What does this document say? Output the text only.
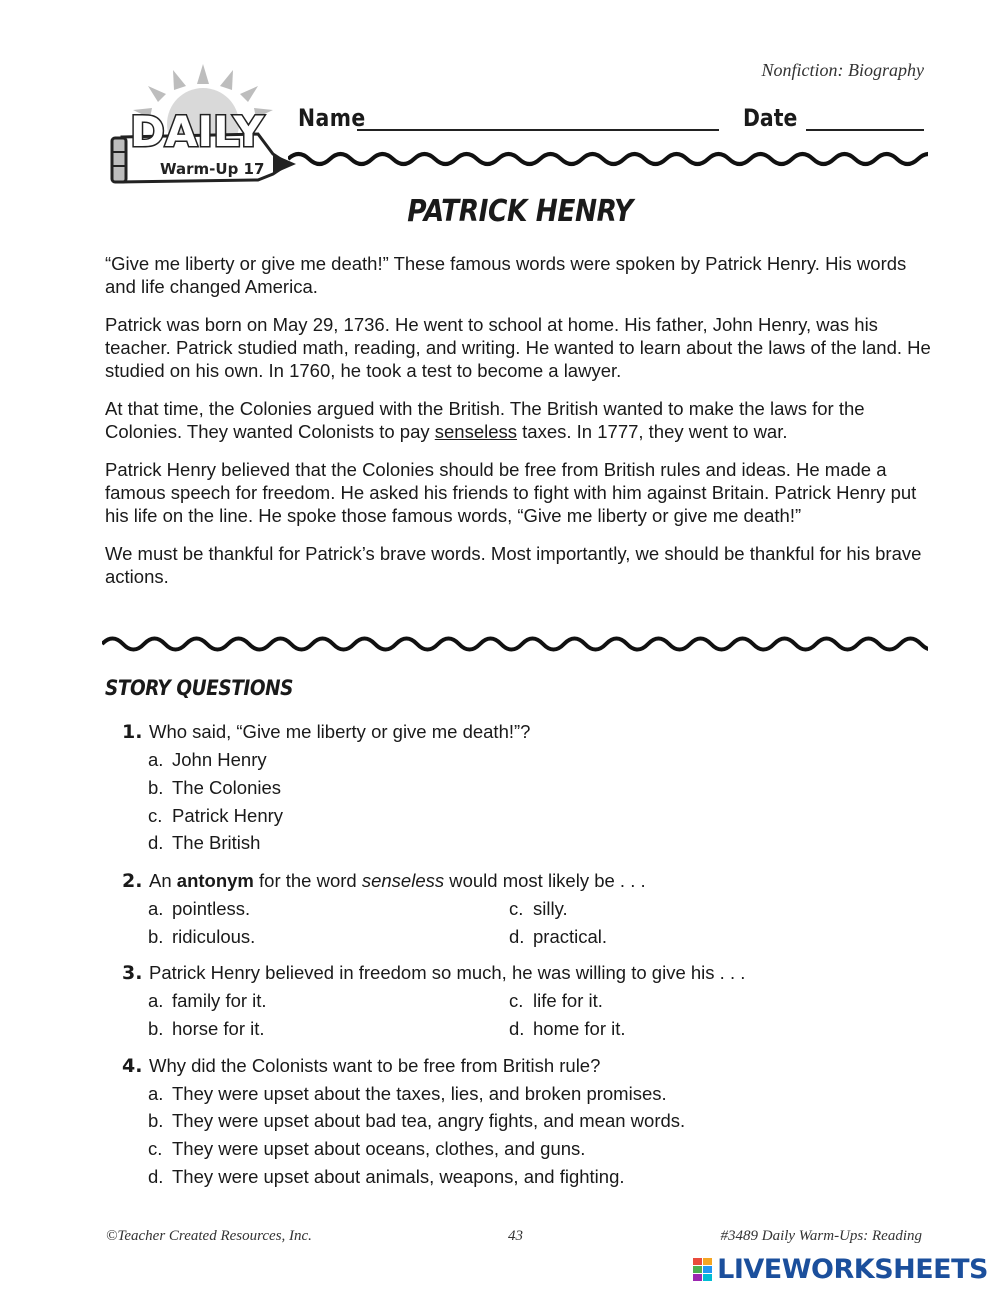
Nonfiction: Biography
DAILY
Warm-Up 17
Name	Date
PATRICK HENRY

“Give me liberty or give me death!” These famous words were spoken by Patrick Henry. His words and life changed America.

Patrick was born on May 29, 1736. He went to school at home. His father, John Henry, was his teacher. Patrick studied math, reading, and writing. He wanted to learn about the laws of the land. He studied on his own. In 1760, he took a test to become a lawyer.

At that time, the Colonies argued with the British. The British wanted to make the laws for the Colonies. They wanted Colonists to pay senseless taxes. In 1777, they went to war.

Patrick Henry believed that the Colonies should be free from British rules and ideas. He made a famous speech for freedom. He asked his friends to fight with him against Britain. Patrick Henry put his life on the line. He spoke those famous words, “Give me liberty or give me death!”

We must be thankful for Patrick’s brave words. Most importantly, we should be thankful for his brave actions.

STORY QUESTIONS
1. Who said, “Give me liberty or give me death!”?
a. John Henry
b. The Colonies
c. Patrick Henry
d. The British
2. An antonym for the word senseless would most likely be . . .
a. pointless.	c. silly.
b. ridiculous.	d. practical.
3. Patrick Henry believed in freedom so much, he was willing to give his . . .
a. family for it.	c. life for it.
b. horse for it.	d. home for it.
4. Why did the Colonists want to be free from British rule?
a. They were upset about the taxes, lies, and broken promises.
b. They were upset about bad tea, angry fights, and mean words.
c. They were upset about oceans, clothes, and guns.
d. They were upset about animals, weapons, and fighting.
©Teacher Created Resources, Inc.	43	#3489 Daily Warm-Ups: Reading
LIVEWORKSHEETS
